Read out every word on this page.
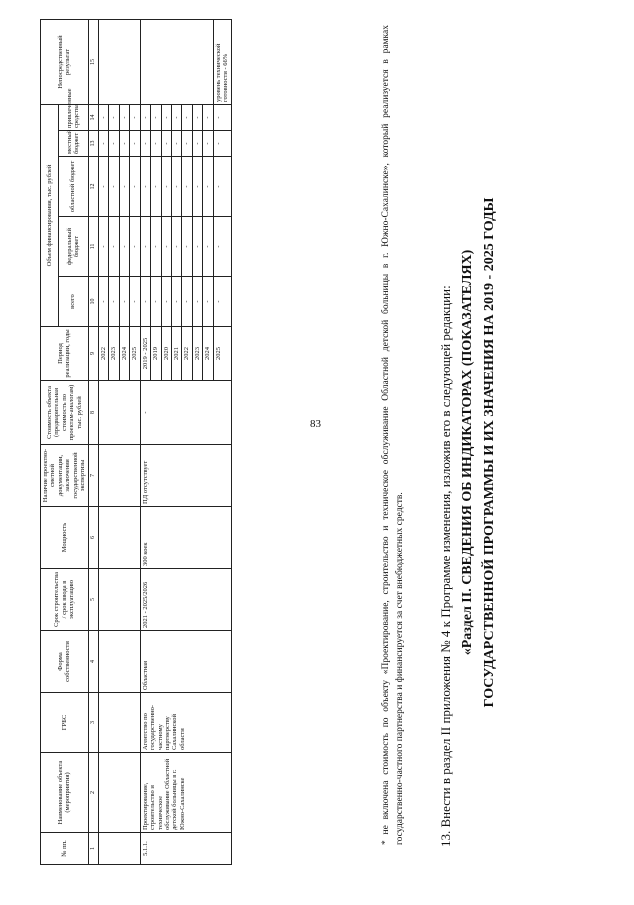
83
№ пп.	Наименование объекта (мероприятия)	ГРБС	Форма собственности	Срок строительства / срок ввода в эксплуатацию	Мощность	Наличие проектно-сметной документации, заключения государственной экспертизы	Стоимость объекта (предварительная стоимость по проектам-аналогам) тыс. рублей	Период реализации, годы	Объем финансирования, тыс. рублей					Непосредственный результат
									всего	федеральный бюджет	областной бюджет	местный бюджет	привлеченные средства	
1	2	3	4	5	6	7	8	9	10	11	12	13	14	15
								2022	-	-	-	-	-	
								2023	-	-	-	-	-	
								2024	-	-	-	-	-	
								2025	-	-	-	-	-	
5.1.1.	Проектирование, строительство и техническое обслуживание Областной детской больницы в г. Южно-Сахалинске	Агентство по государственно-частному партнерству Сахалинской области	Областная	2021 - 2025/2026	300 коек	ПД отсутствует	-	2019 - 2025	-	-	-	-	-	
								2019	-	-	-	-	-	
								2020	-	-	-	-	-	
								2021	-	-	-	-	-	
								2022	-	-	-	-	-	
								2023	-	-	-	-	-	
								2024	-	-	-	-	-	
								2025	-	-	-	-	-	уровень технической готовности - 66%
* не включена стоимость по объекту «Проектирование, строительство и техническое обслуживание Областной детской больницы в г. Южно-Сахалинске», который реализуется в рамках государственно-частного партнерства и финансируется за счет внебюджетных средств.	13. Внести в раздел II приложения № 4 к Программе изменения, изложив его в следующей редакции: «Раздел II. СВЕДЕНИЯ ОБ ИНДИКАТОРАХ (ПОКАЗАТЕЛЯХ) ГОСУДАРСТВЕННОЙ ПРОГРАММЫ И ИХ ЗНАЧЕНИЯ НА 2019 - 2025 ГОДЫ
